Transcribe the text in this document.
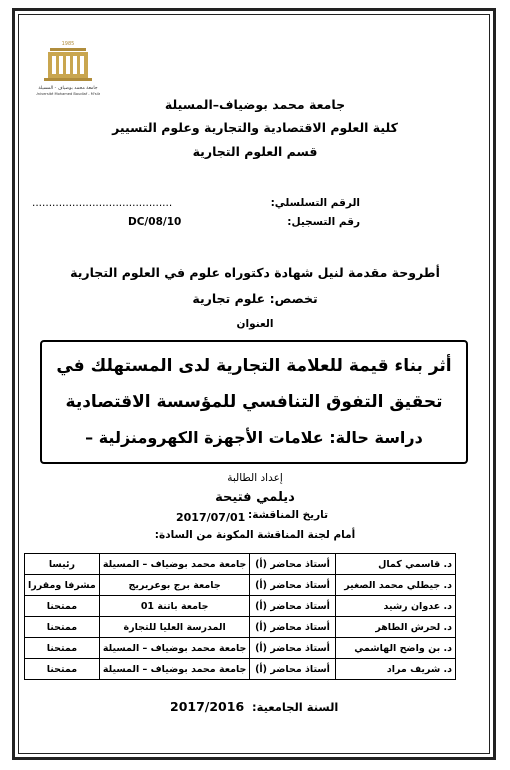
1985
جامعة محمد بوضياف - المسيلة
Université Mohamed Boudiaf - M'sila
جامعة محمد بوضياف–المسيلة
كلية العلوم الاقتصادية والتجارية وعلوم التسيير
قسم العلوم التجارية
الرقم التسلسلي:
..........................................
رقم التسجيل:
DC/08/10
أطروحة مقدمة لنيل شهادة دكتوراه علوم في العلوم التجارية
تخصص: علوم تجارية
العنوان
أثر بناء قيمة للعلامة التجارية لدى المستهلك في
تحقيق التفوق التنافسي للمؤسسة الاقتصادية
دراسة حالة: علامات الأجهزة الكهرومنزلية –
إعداد الطالبة
ديلمي فتيحة
تاريخ المناقشة:
2017/07/01
أمام لجنة المناقشة المكونة من السادة:
د. قاسمي كمال	أستاذ محاضر (أ)	جامعة محمد بوضياف – المسيلة	رئيسا
د. جيطلي محمد الصغير	أستاذ محاضر (أ)	جامعة برج بوعريريج	مشرفا ومقررا
د. عدوان رشيد	أستاذ محاضر (أ)	جامعة باتنة 01	ممتحنا
د. لحرش الطاهر	أستاذ محاضر (أ)	المدرسة العليا للتجارة	ممتحنا
د. بن واضح الهاشمي	أستاذ محاضر (أ)	جامعة محمد بوضياف – المسيلة	ممتحنا
د. شريف مراد	أستاذ محاضر (أ)	جامعة محمد بوضياف – المسيلة	ممتحنا
السنة الجامعية:
2017/2016
